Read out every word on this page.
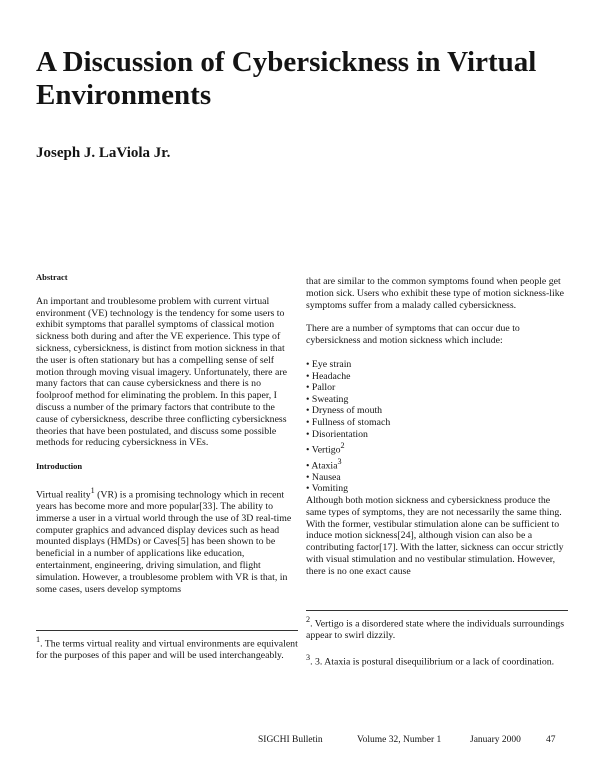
A Discussion of Cybersickness in Virtual Environments
Joseph J. LaViola Jr.
Abstract

An important and troublesome problem with current virtual environment (VE) technology is the tendency for some users to exhibit symptoms that parallel symptoms of classical motion sickness both during and after the VE experience. This type of sickness, cybersickness, is distinct from motion sickness in that the user is often stationary but has a compelling sense of self motion through moving visual imagery. Unfortunately, there are many factors that can cause cybersickness and there is no foolproof method for eliminating the problem. In this paper, I discuss a number of the primary factors that contribute to the cause of cybersickness, describe three conflicting cybersickness theories that have been postulated, and discuss some possible methods for reducing cybersickness in VEs.

Introduction

Virtual reality$^1$ (VR) is a promising technology which in recent years has become more and more popular[33]. The ability to immerse a user in a virtual world through the use of 3D real-time computer graphics and advanced display devices such as head mounted displays (HMDs) or Caves[5] has been shown to be beneficial in a number of applications like education, entertainment, engineering, driving simulation, and flight simulation. However, a troublesome problem with VR is that, in some cases, users develop symptoms

that are similar to the common symptoms found when people get motion sick. Users who exhibit these type of motion sickness-like symptoms suffer from a malady called cybersickness.

There are a number of symptoms that can occur due to cybersickness and motion sickness which include:

• Eye strain
• Headache
• Pallor
• Sweating
• Dryness of mouth
• Fullness of stomach
• Disorientation
• Vertigo$^2$
• Ataxia$^3$
• Nausea
• Vomiting

Although both motion sickness and cybersickness produce the same types of symptoms, they are not necessarily the same thing. With the former, vestibular stimulation alone can be sufficient to induce motion sickness[24], although vision can also be a contributing factor[17]. With the latter, sickness can occur strictly with visual stimulation and no vestibular stimulation. However, there is no one exact cause

$^1$. The terms virtual reality and virtual environments are equivalent for the purposes of this paper and will be used interchangeably.

$^2$. Vertigo is a disordered state where the individuals surroundings appear to swirl dizzily.

$^3$. 3. Ataxia is postural disequilibrium or a lack of coordination.

SIGCHI Bulletin	Volume 32, Number 1	January 2000	47
